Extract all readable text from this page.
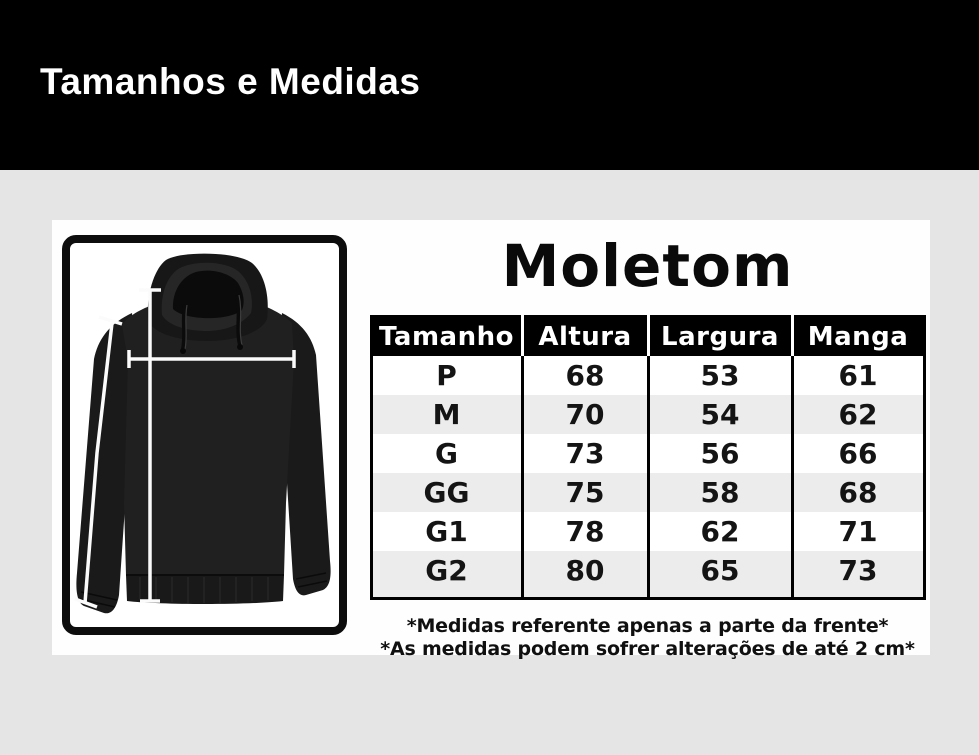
Tamanhos e Medidas
Moletom
Tamanho	Altura	Largura	Manga
P	68	53	61
M	70	54	62
G	73	56	66
GG	75	58	68
G1	78	62	71
G2	80	65	73

*Medidas referente apenas a parte da frente*
*As medidas podem sofrer alterações de até 2 cm*
